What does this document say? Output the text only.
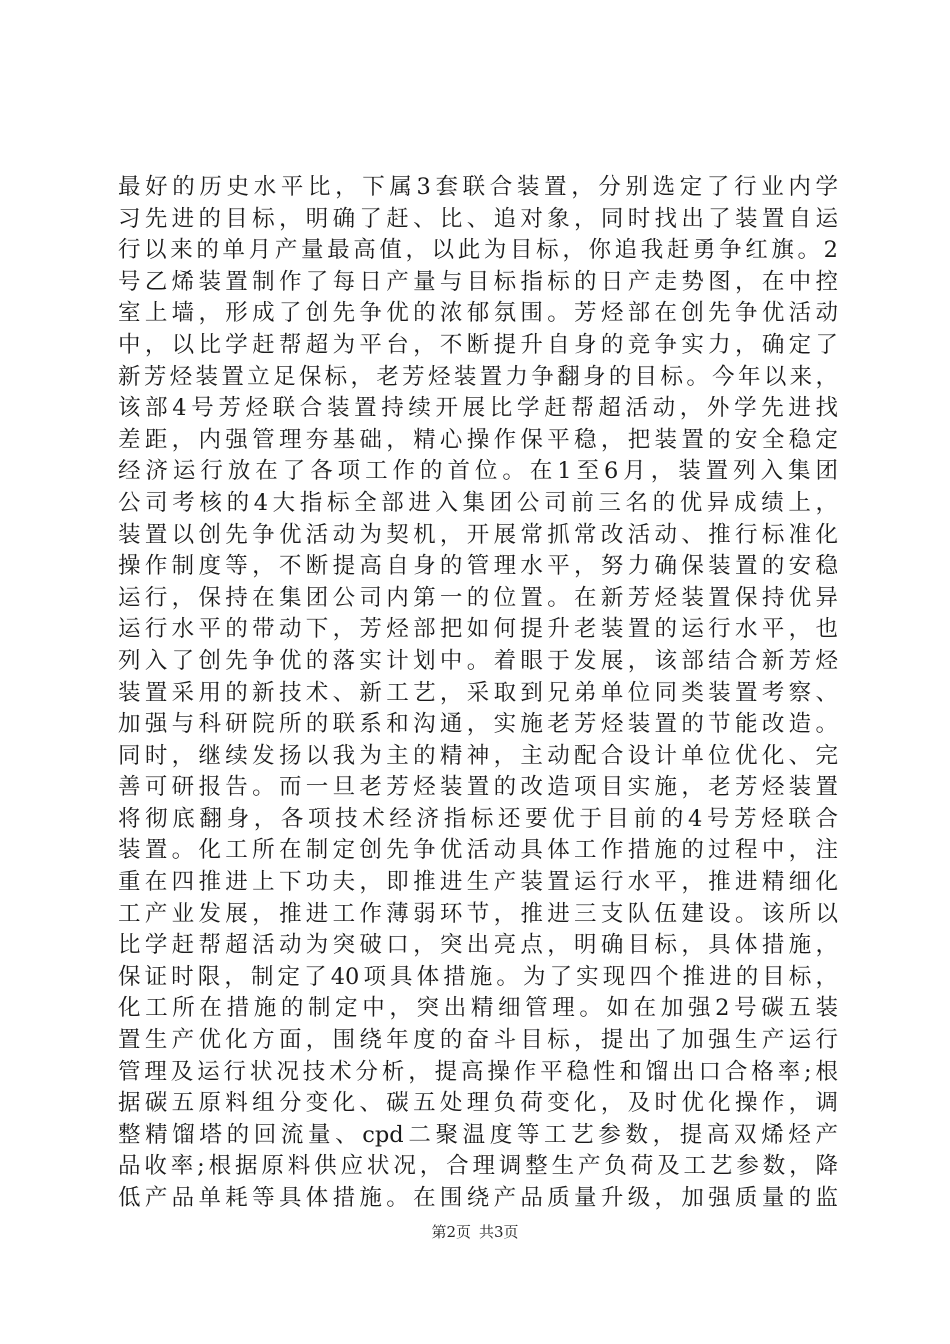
最好的历史水平比，下属3套联合装置，分别选定了行业内学
习先进的目标，明确了赶、比、追对象，同时找出了装置自运
行以来的单月产量最高值，以此为目标，你追我赶勇争红旗。2
号乙烯装置制作了每日产量与目标指标的日产走势图，在中控
室上墙，形成了创先争优的浓郁氛围。芳烃部在创先争优活动
中，以比学赶帮超为平台，不断提升自身的竞争实力，确定了
新芳烃装置立足保标，老芳烃装置力争翻身的目标。今年以来，
该部4号芳烃联合装置持续开展比学赶帮超活动，外学先进找
差距，内强管理夯基础，精心操作保平稳，把装置的安全稳定
经济运行放在了各项工作的首位。在1至6月，装置列入集团
公司考核的4大指标全部进入集团公司前三名的优异成绩上，
装置以创先争优活动为契机，开展常抓常改活动、推行标准化
操作制度等，不断提高自身的管理水平，努力确保装置的安稳
运行，保持在集团公司内第一的位置。在新芳烃装置保持优异
运行水平的带动下，芳烃部把如何提升老装置的运行水平，也
列入了创先争优的落实计划中。着眼于发展，该部结合新芳烃
装置采用的新技术、新工艺，采取到兄弟单位同类装置考察、
加强与科研院所的联系和沟通，实施老芳烃装置的节能改造。
同时，继续发扬以我为主的精神，主动配合设计单位优化、完
善可研报告。而一旦老芳烃装置的改造项目实施，老芳烃装置
将彻底翻身，各项技术经济指标还要优于目前的4号芳烃联合
装置。化工所在制定创先争优活动具体工作措施的过程中，注
重在四推进上下功夫，即推进生产装置运行水平，推进精细化
工产业发展，推进工作薄弱环节，推进三支队伍建设。该所以
比学赶帮超活动为突破口，突出亮点，明确目标，具体措施，
保证时限，制定了40项具体措施。为了实现四个推进的目标，
化工所在措施的制定中，突出精细管理。如在加强2号碳五装
置生产优化方面，围绕年度的奋斗目标，提出了加强生产运行
管理及运行状况技术分析，提高操作平稳性和馏出口合格率;根
据碳五原料组分变化、碳五处理负荷变化，及时优化操作，调
整精馏塔的回流量、cpd二聚温度等工艺参数，提高双烯烃产
品收率;根据原料供应状况，合理调整生产负荷及工艺参数，降
低产品单耗等具体措施。在围绕产品质量升级，加强质量的监
第2页 共3页
